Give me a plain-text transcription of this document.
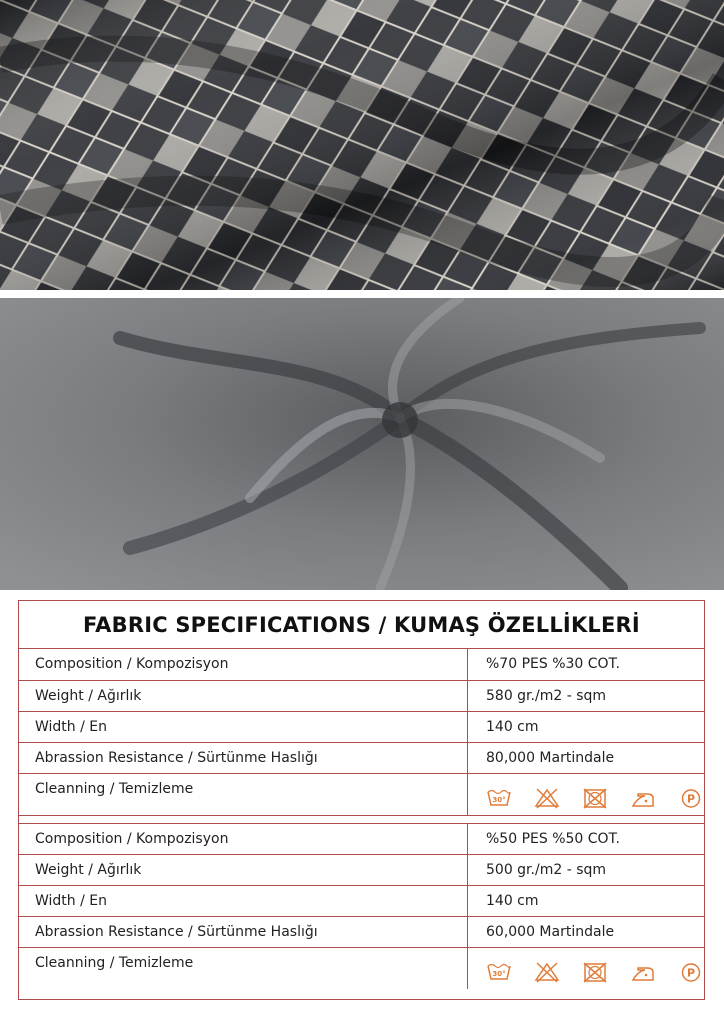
FABRIC SPECIFICATIONS / KUMAŞ ÖZELLİKLERİ
Composition / Kompozisyon	%70 PES %30 COT.
Weight / Ağırlık	580 gr./m2 - sqm
Width / En	140 cm
Abrassion Resistance / Sürtünme Haslığı	80,000 Martindale
Cleanning / Temizleme	30° P

Composition / Kompozisyon	%50 PES %50 COT.
Weight / Ağırlık	500 gr./m2 - sqm
Width / En	140 cm
Abrassion Resistance / Sürtünme Haslığı	60,000 Martindale
Cleanning / Temizleme	30° P
